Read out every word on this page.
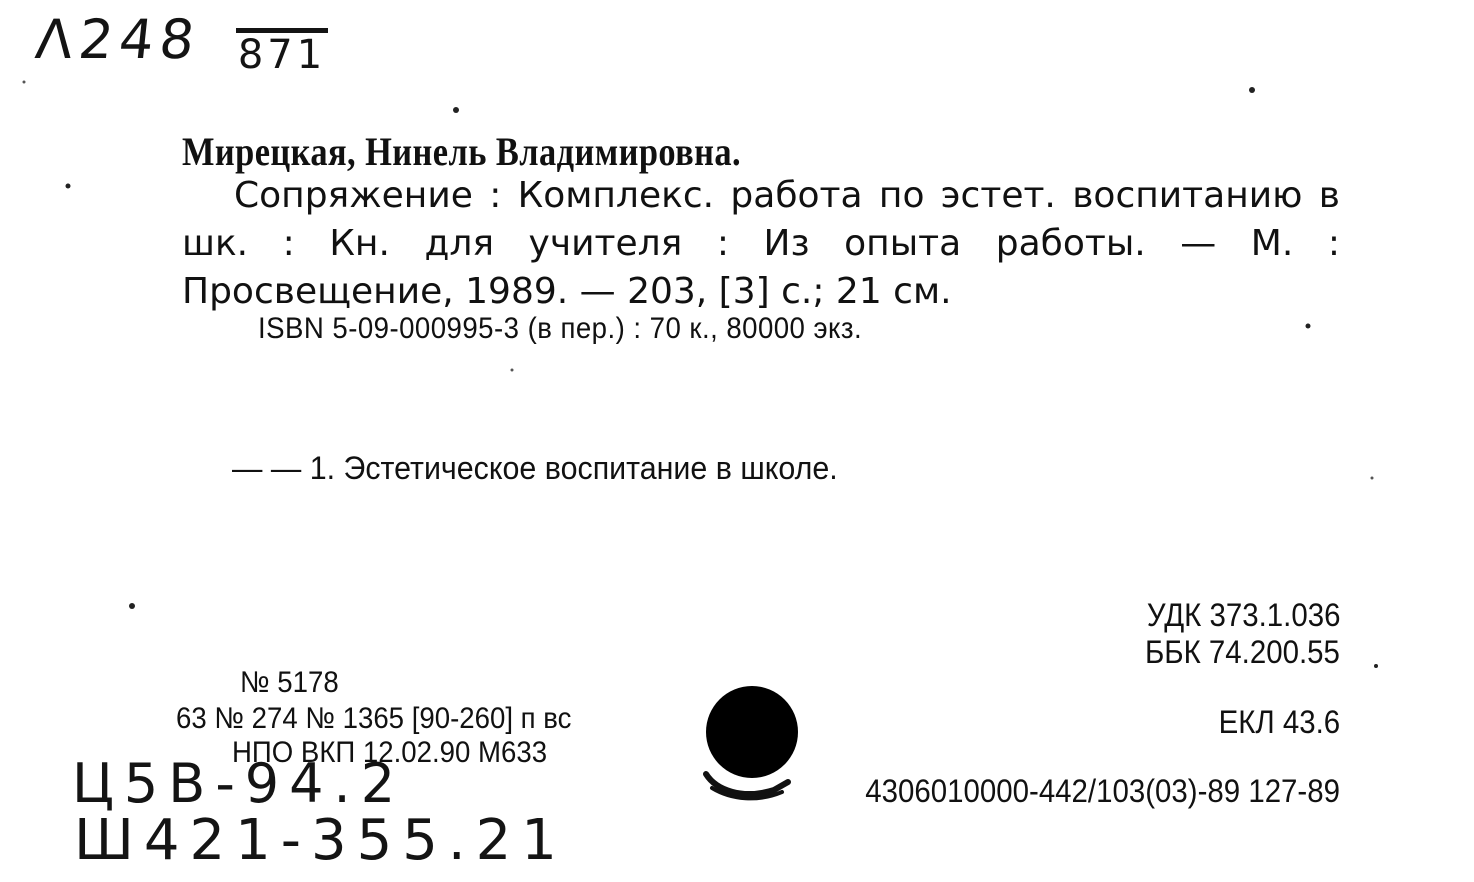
Λ248 871
Мирецкая, Нинель Владимировна.
Сопряжение : Комплекс. работа по эстет. воспитанию в шк. : Кн. для учителя : Из опыта работы. — М. : Просвещение, 1989. — 203, [3] с.; 21 см.
ISBN 5-09-000995-3 (в пер.) : 70 к., 80000 экз.
— — 1. Эстетическое воспитание в школе.
УДК 373.1.036
ББК 74.200.55
ЕКЛ 43.6
№ 5178
63 № 274 № 1365 [90-260] п вс
НПО ВКП 12.02.90 М633
4306010000-442/103(03)-89 127-89
Ц5B-94.2
Ш421-355.21
